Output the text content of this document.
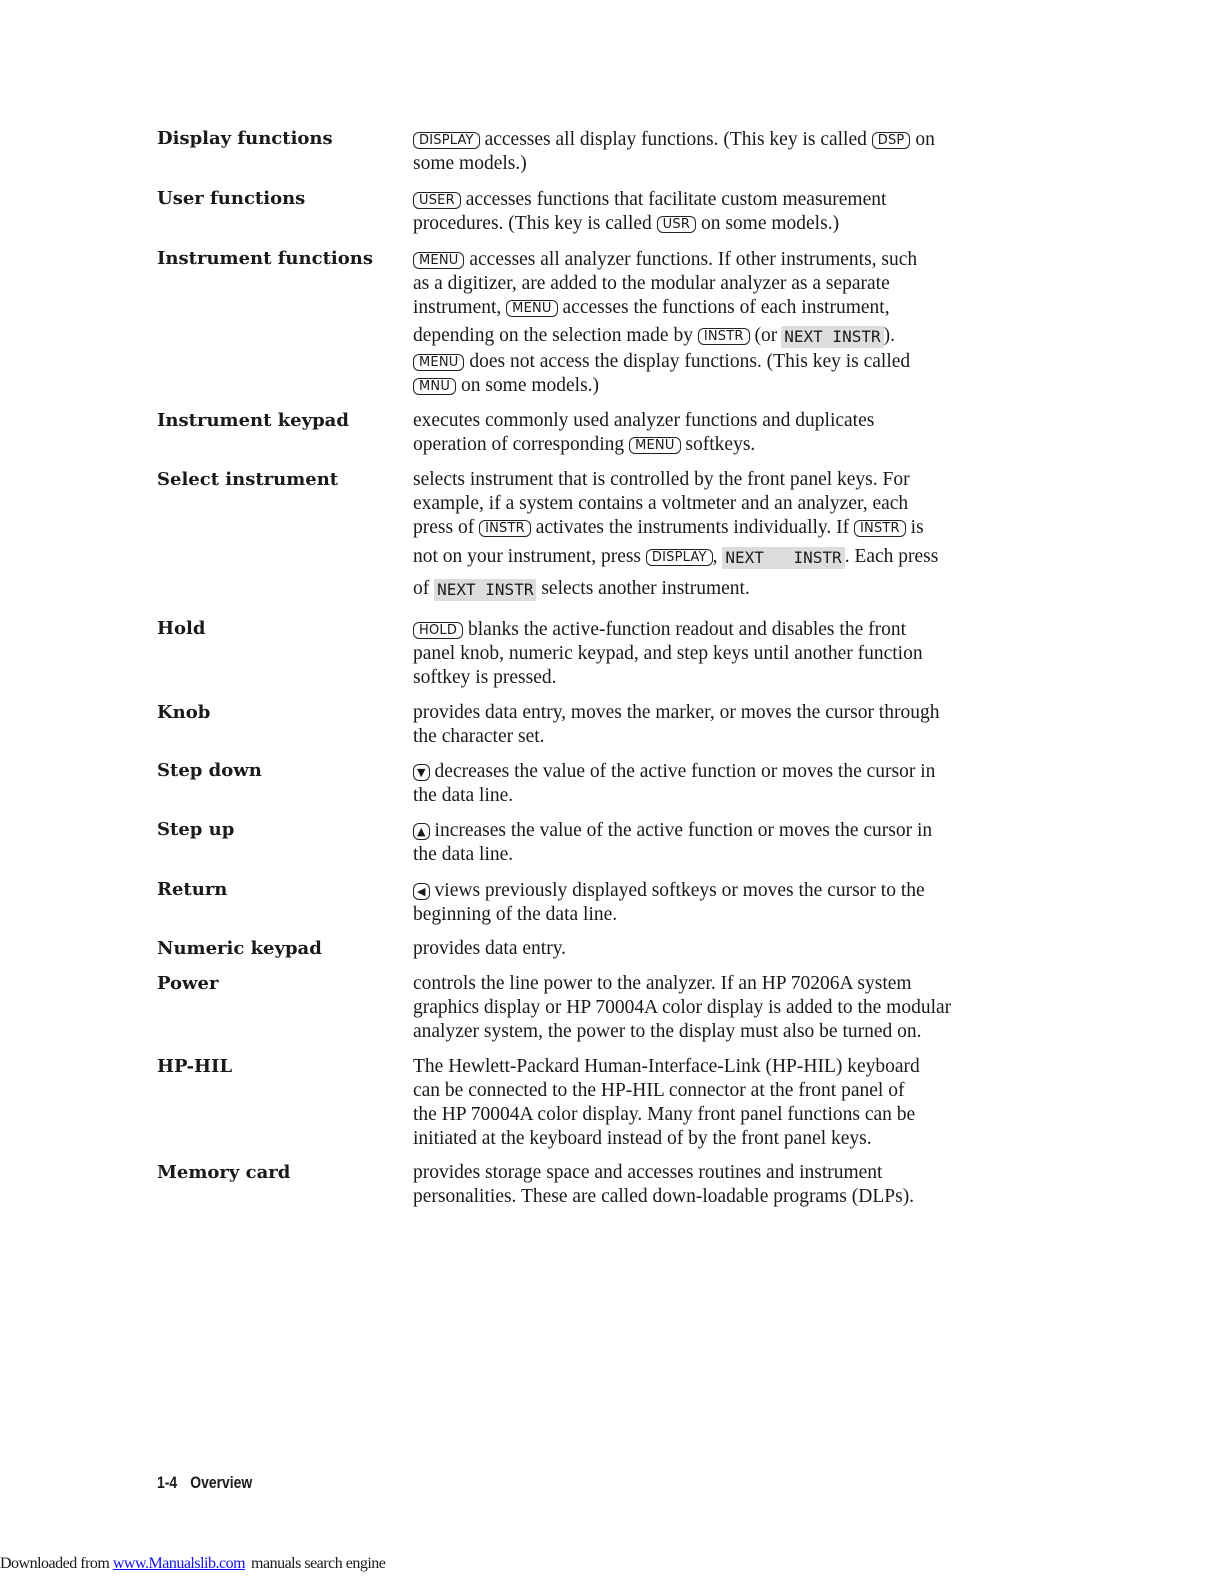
Display functions	DISPLAY accesses all display functions. (This key is called DSP on
some models.)
User functions	USER accesses functions that facilitate custom measurement
procedures. (This key is called USR on some models.)
Instrument functions	MENU accesses all analyzer functions. If other instruments, such
as a digitizer, are added to the modular analyzer as a separate
instrument, MENU accesses the functions of each instrument,
depending on the selection made by INSTR (or NEXT INSTR ).
MENU does not access the display functions. (This key is called
MNU on some models.)
Instrument keypad	executes commonly used analyzer functions and duplicates
operation of corresponding MENU softkeys.
Select instrument	selects instrument that is controlled by the front panel keys. For
example, if a system contains a voltmeter and an analyzer, each
press of INSTR activates the instruments individually. If INSTR is
not on your instrument, press DISPLAY , NEXT INSTR . Each press
of NEXT INSTR selects another instrument.
Hold	HOLD blanks the active-function readout and disables the front
panel knob, numeric keypad, and step keys until another function
softkey is pressed.
Knob	provides data entry, moves the marker, or moves the cursor through
the character set.
Step down	▼ decreases the value of the active function or moves the cursor in
the data line.
Step up	▲ increases the value of the active function or moves the cursor in
the data line.
Return	◀ views previously displayed softkeys or moves the cursor to the
beginning of the data line.
Numeric keypad	provides data entry.
Power	controls the line power to the analyzer. If an HP 70206A system
graphics display or HP 70004A color display is added to the modular
analyzer system, the power to the display must also be turned on.
HP-HIL	The Hewlett-Packard Human-Interface-Link (HP-HIL) keyboard
can be connected to the HP-HIL connector at the front panel of
the HP 70004A color display. Many front panel functions can be
initiated at the keyboard instead of by the front panel keys.
Memory card	provides storage space and accesses routines and instrument
personalities. These are called down-loadable programs (DLPs).
1-4 Overview
Downloaded from www.Manualslib.com manuals search engine
